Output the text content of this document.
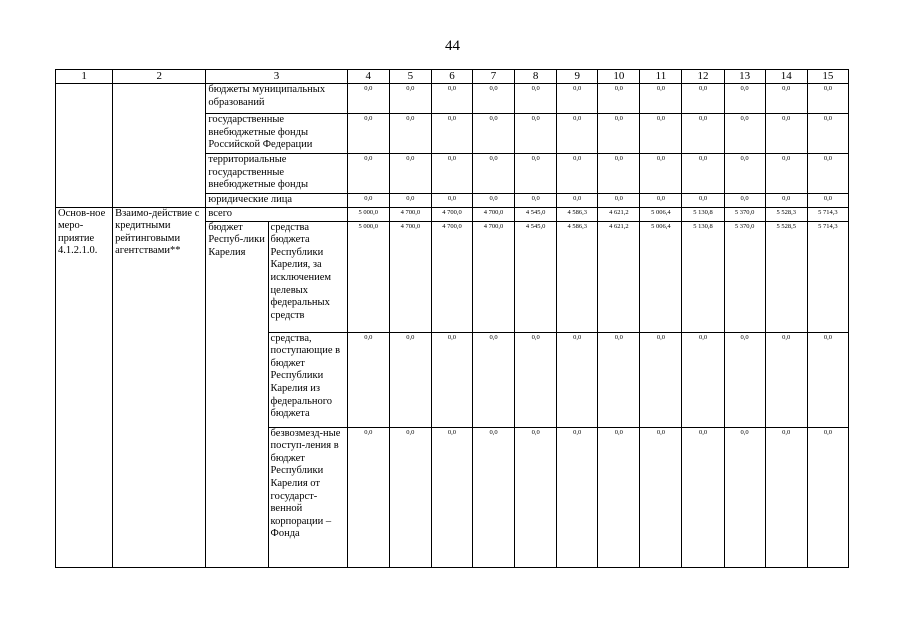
44
1	2	3		4	5	6	7	8	9	10	11	12	13	14	15
		бюджеты муниципальных образований		0,0	0,0	0,0	0,0	0,0	0,0	0,0	0,0	0,0	0,0	0,0	0,0
		государственные внебюджетные фонды Российской Федерации		0,0	0,0	0,0	0,0	0,0	0,0	0,0	0,0	0,0	0,0	0,0	0,0
		территориальные государственные внебюджетные фонды		0,0	0,0	0,0	0,0	0,0	0,0	0,0	0,0	0,0	0,0	0,0	0,0
		юридические лица		0,0	0,0	0,0	0,0	0,0	0,0	0,0	0,0	0,0	0,0	0,0	0,0
Основ-ное меро-приятие 4.1.2.1.0.	Взаимо-действие с кредитными рейтинговыми агентствами**	всего		5 000,0	4 700,0	4 700,0	4 700,0	4 545,0	4 586,3	4 621,2	5 006,4	5 130,8	5 370,0	5 528,3	5 714,3
		бюджет Респуб-лики Карелия	средства бюджета Республики Карелия, за исключением целевых федеральных средств	5 000,0	4 700,0	4 700,0	4 700,0	4 545,0	4 586,3	4 621,2	5 006,4	5 130,8	5 370,0	5 528,5	5 714,3
			средства, поступающие в бюджет Республики Карелия из федерального бюджета	0,0	0,0	0,0	0,0	0,0	0,0	0,0	0,0	0,0	0,0	0,0	0,0
			безвозмезд-ные поступ-ления в бюджет Республики Карелия от государст-венной корпорации – Фонда	0,0	0,0	0,0	0,0	0,0	0,0	0,0	0,0	0,0	0,0	0,0	0,0
